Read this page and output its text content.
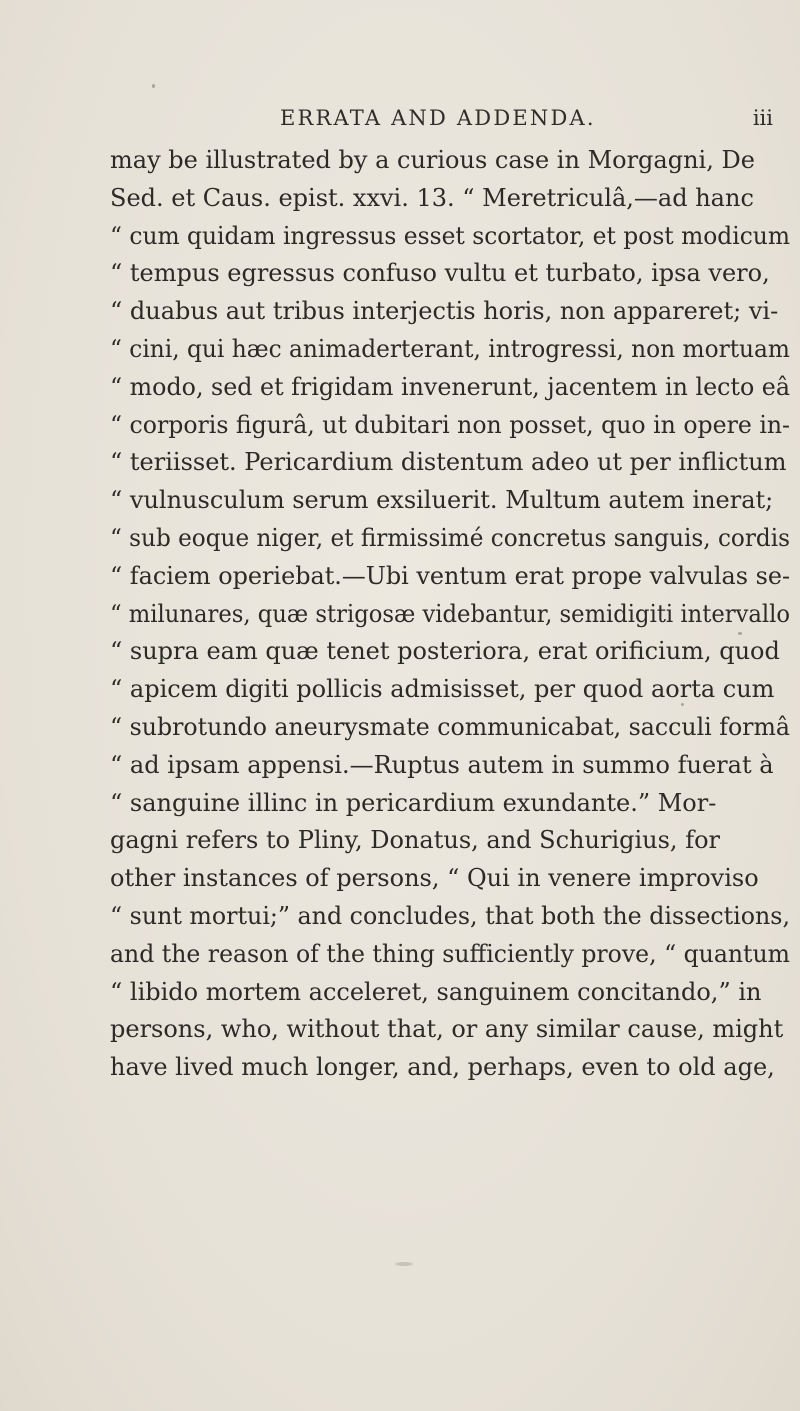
ERRATA AND ADDENDA.	iii
may be illustrated by a curious case in Morgagni, De
Sed. et Caus. epist. xxvi. 13. “ Meretriculâ,—ad hanc
“ cum quidam ingressus esset scortator, et post modicum
“ tempus egressus confuso vultu et turbato, ipsa vero,
“ duabus aut tribus interjectis horis, non appareret; vi-
“ cini, qui hæc animaderterant, introgressi, non mortuam
“ modo, sed et frigidam invenerunt, jacentem in lecto eâ
“ corporis figurâ, ut dubitari non posset, quo in opere in-
“ teriisset. Pericardium distentum adeo ut per inflictum
“ vulnusculum serum exsiluerit. Multum autem inerat;
“ sub eoque niger, et firmissimé concretus sanguis, cordis
“ faciem operiebat.—Ubi ventum erat prope valvulas se-
“ milunares, quæ strigosæ videbantur, semidigiti intervallo
“ supra eam quæ tenet posteriora, erat orificium, quod
“ apicem digiti pollicis admisisset, per quod aorta cum
“ subrotundo aneurysmate communicabat, sacculi formâ
“ ad ipsam appensi.—Ruptus autem in summo fuerat à
“ sanguine illinc in pericardium exundante.” Mor-
gagni refers to Pliny, Donatus, and Schurigius, for
other instances of persons, “ Qui in venere improviso
“ sunt mortui;” and concludes, that both the dissections,
and the reason of the thing sufficiently prove, “ quantum
“ libido mortem acceleret, sanguinem concitando,” in
persons, who, without that, or any similar cause, might
have lived much longer, and, perhaps, even to old age,
